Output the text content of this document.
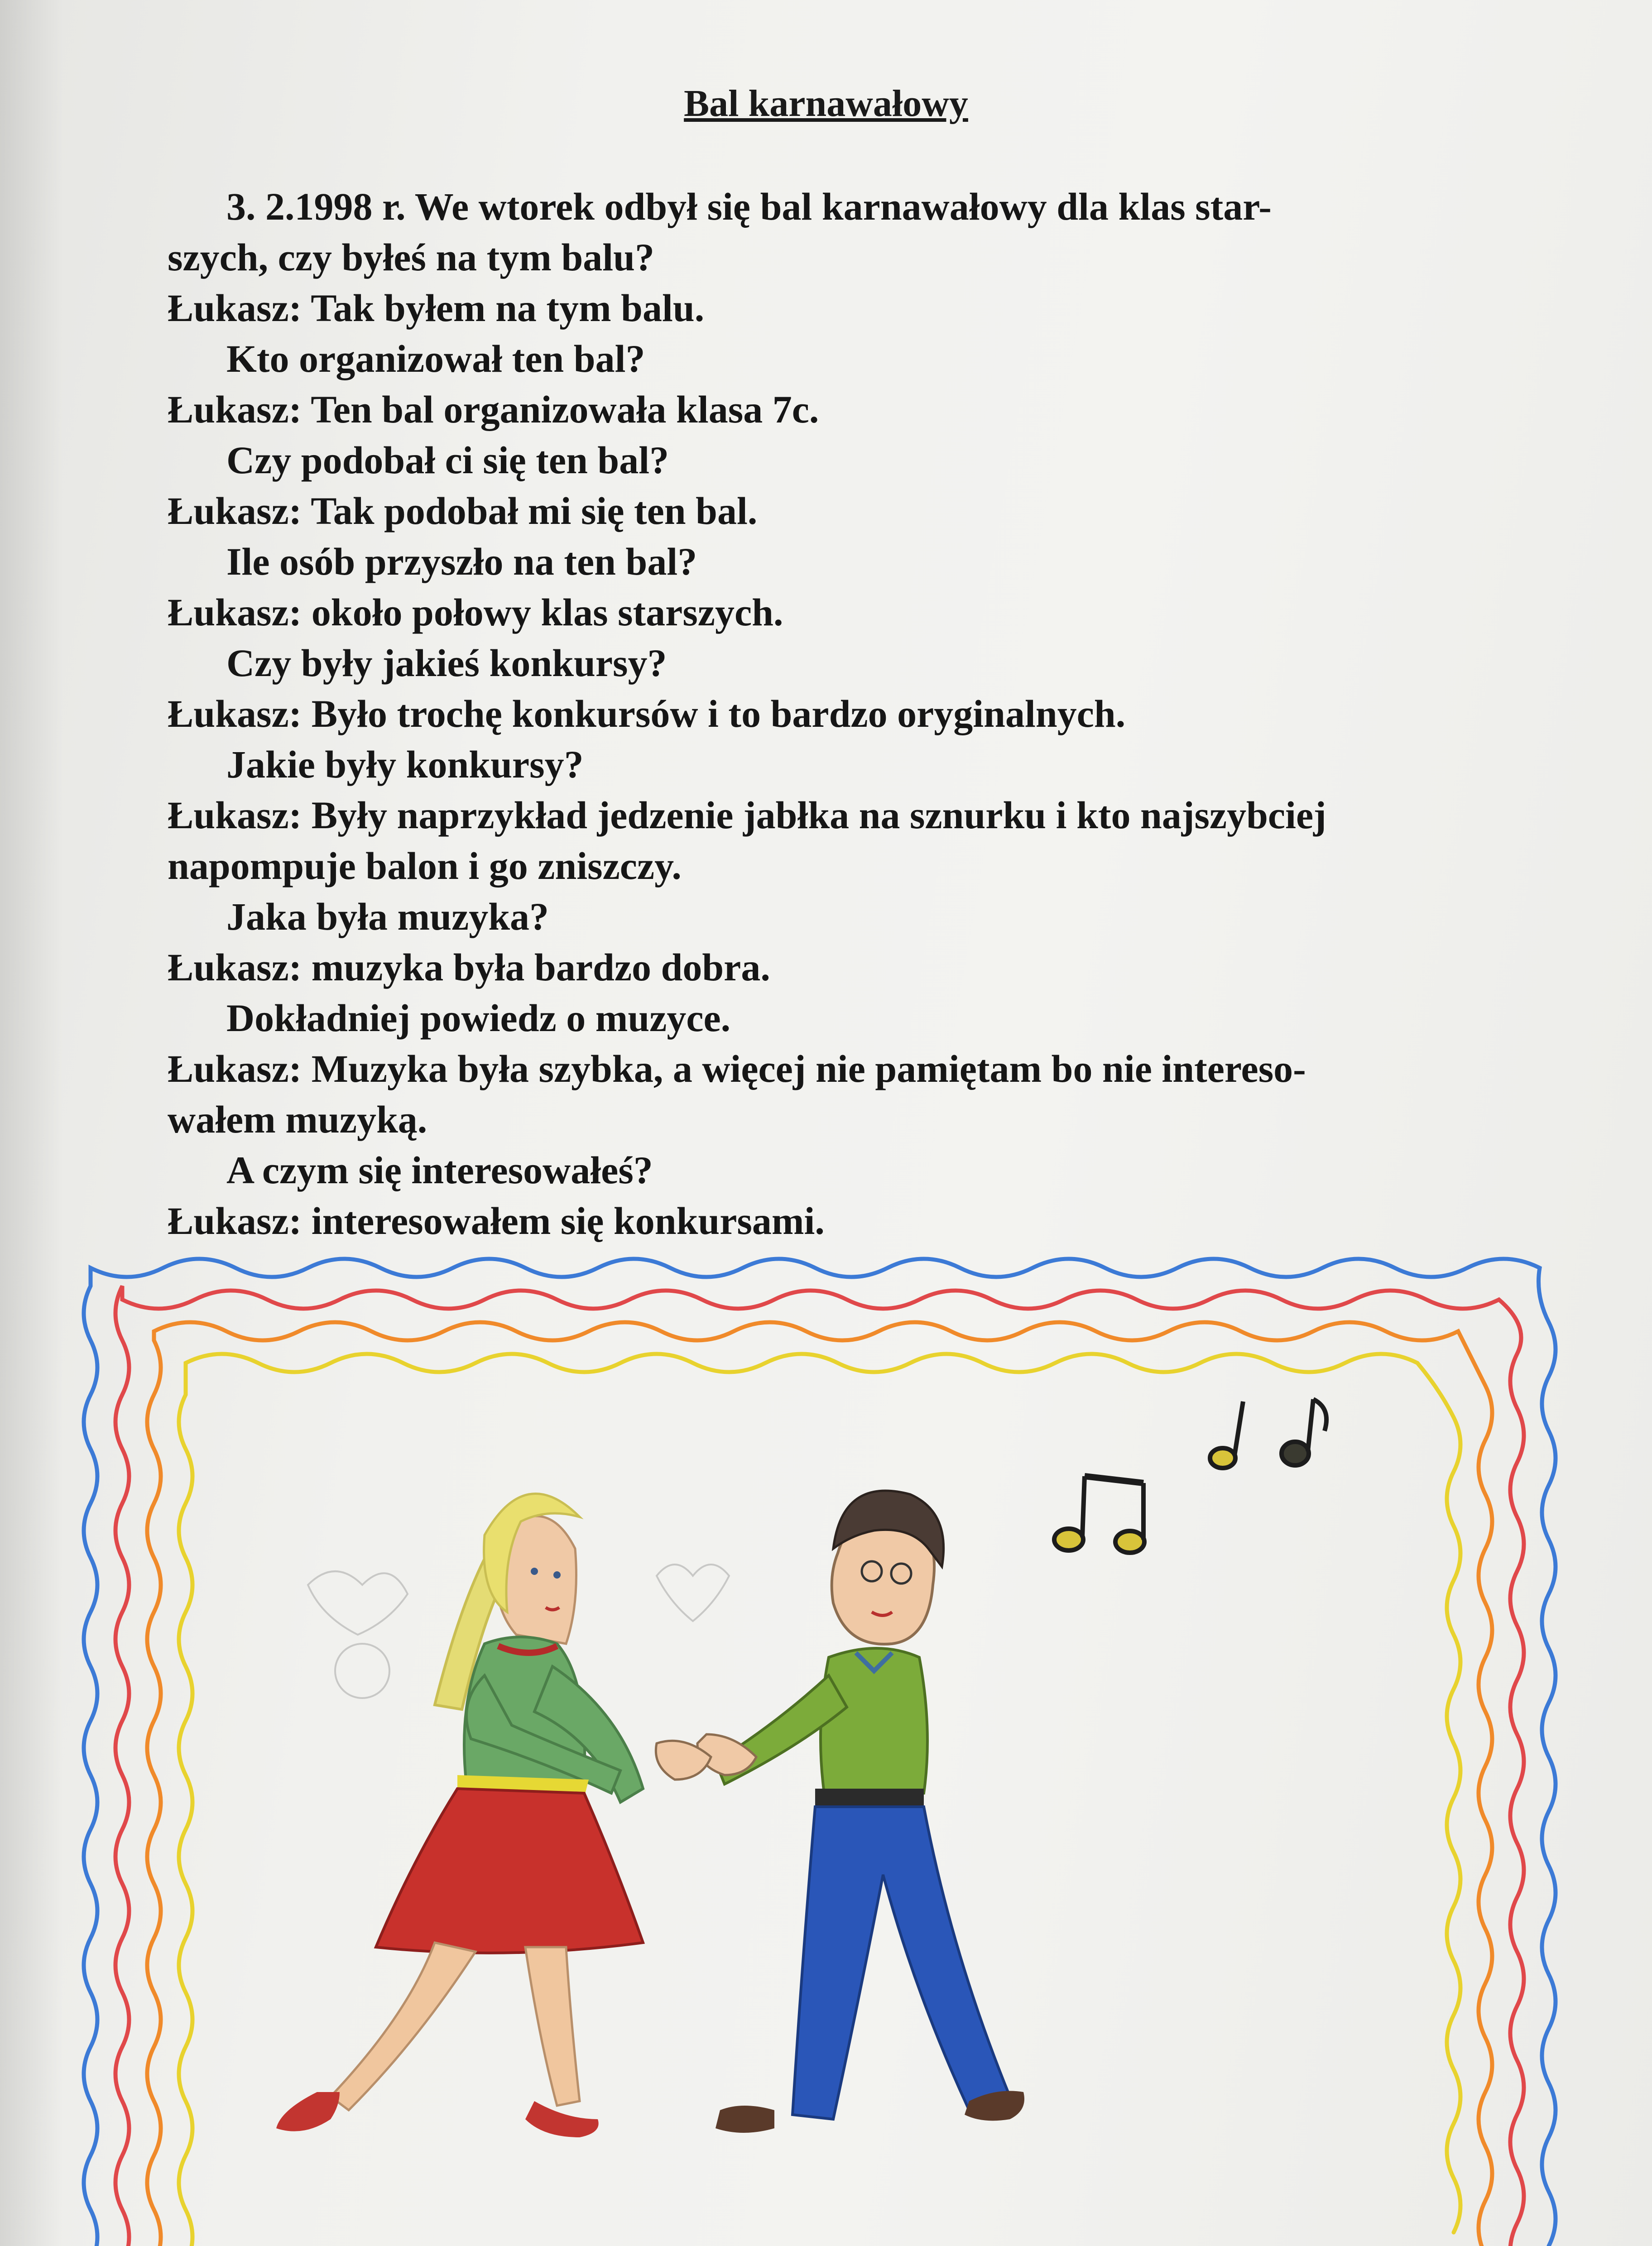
Bal karnawałowy
3. 2.1998 r. We wtorek odbył się bal karnawałowy dla klas star-
szych, czy byłeś na tym balu?
Łukasz: Tak byłem na tym balu.
Kto organizował ten bal?
Łukasz: Ten bal organizowała klasa 7c.
Czy podobał ci się ten bal?
Łukasz: Tak podobał mi się ten bal.
Ile osób przyszło na ten bal?
Łukasz: około połowy klas starszych.
Czy były jakieś konkursy?
Łukasz: Było trochę konkursów i to bardzo oryginalnych.
Jakie były konkursy?
Łukasz: Były naprzykład jedzenie jabłka na sznurku i kto najszybciej
napompuje balon i go zniszczy.
Jaka była muzyka?
Łukasz: muzyka była bardzo dobra.
Dokładniej powiedz o muzyce.
Łukasz: Muzyka była szybka, a więcej nie pamiętam bo nie intereso-
wałem muzyką.
A czym się interesowałeś?
Łukasz: interesowałem się konkursami.
